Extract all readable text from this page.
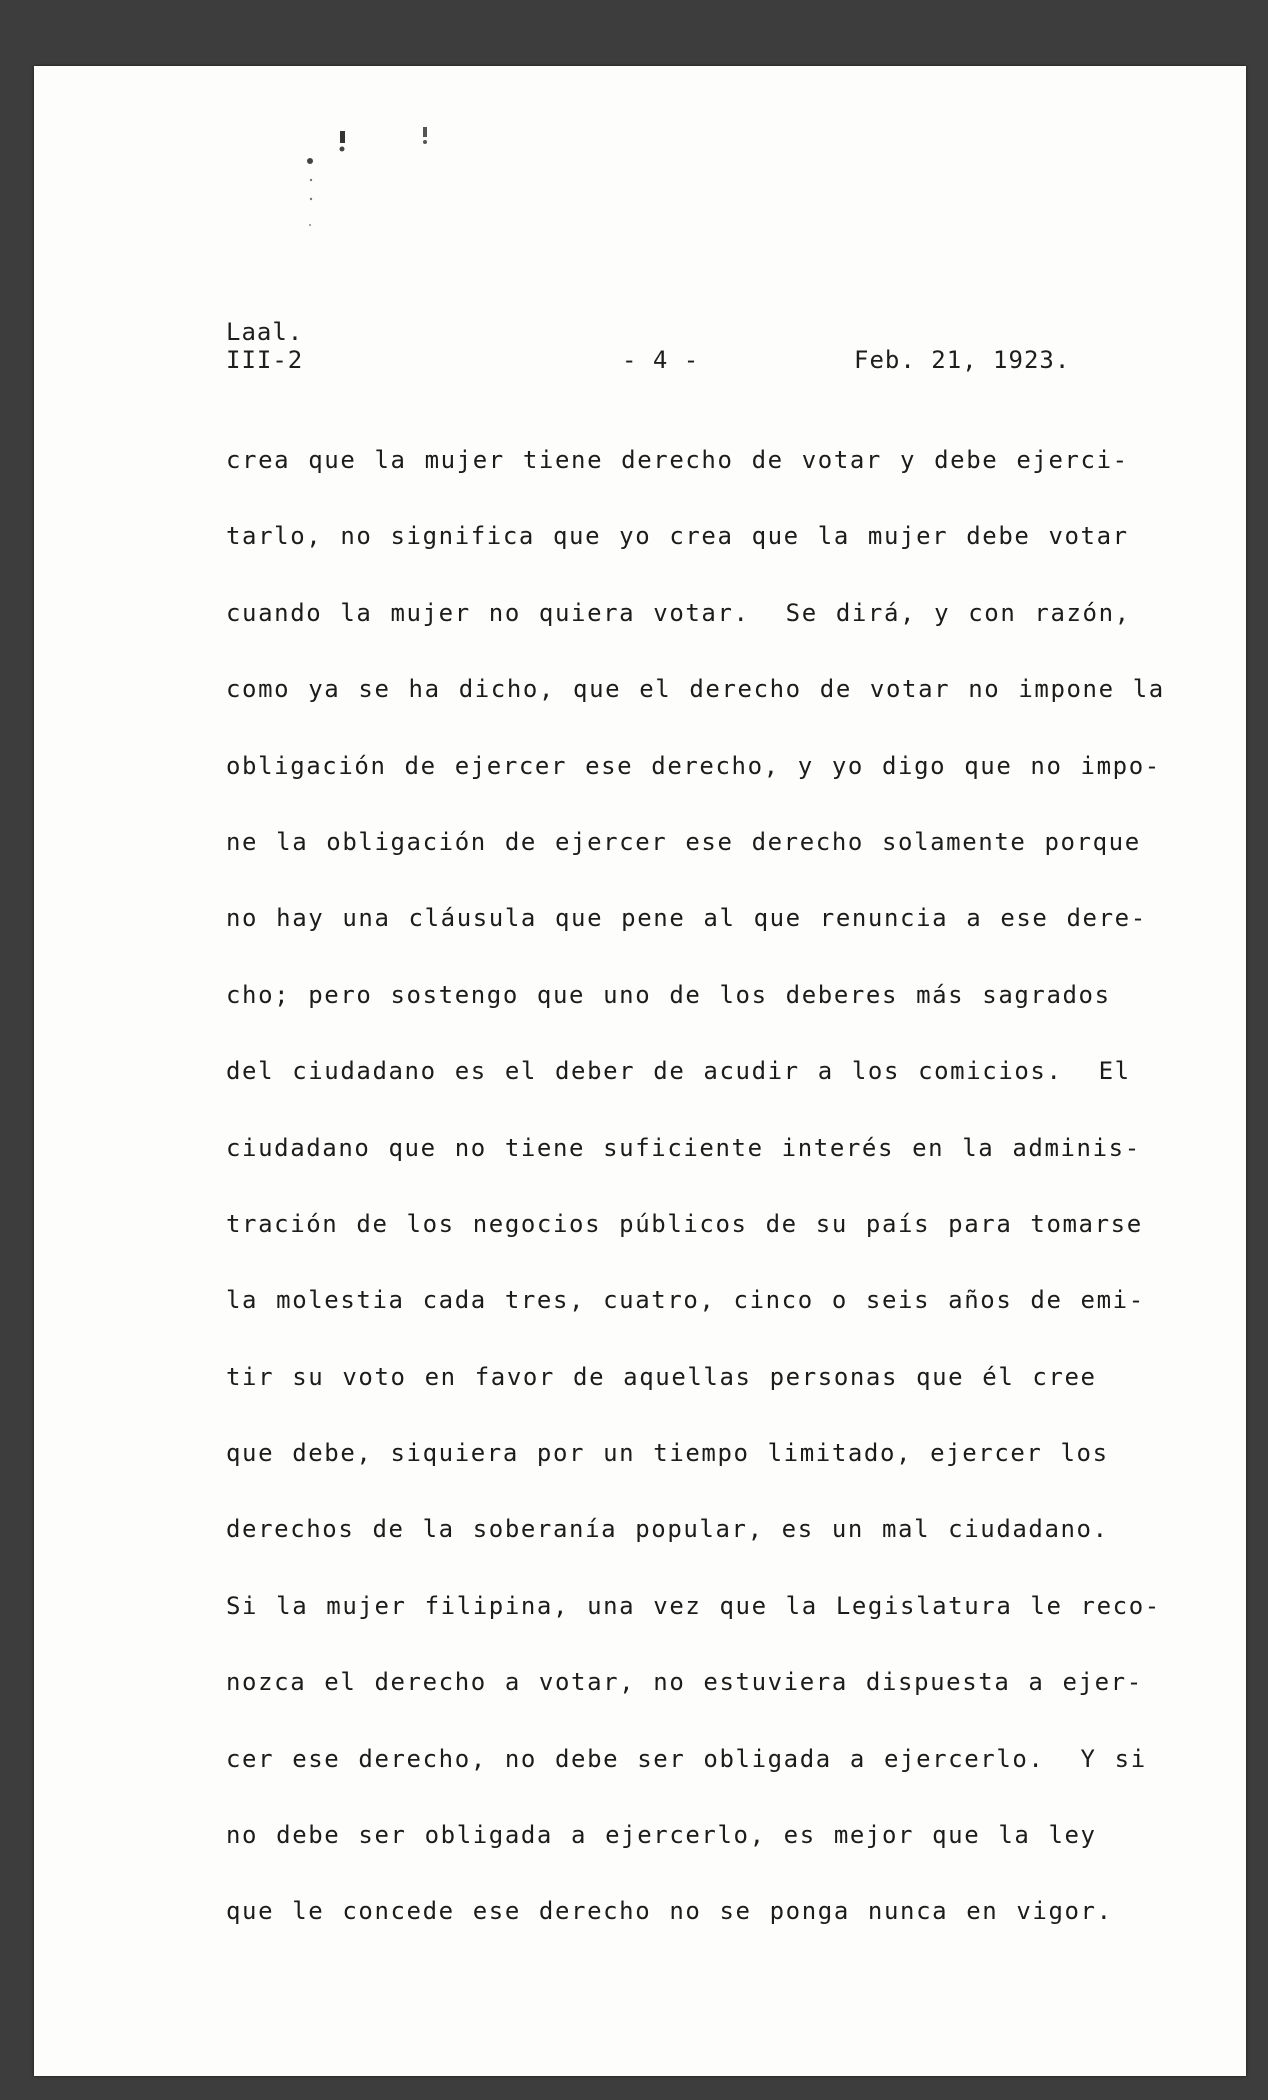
Laal.
III-2	- 4 -	Feb. 21, 1923.
crea que la mujer tiene derecho de votar y debe ejerci-
tarlo, no significa que yo crea que la mujer debe votar
cuando la mujer no quiera votar.  Se dirá, y con razón,
como ya se ha dicho, que el derecho de votar no impone la
obligación de ejercer ese derecho, y yo digo que no impo-
ne la obligación de ejercer ese derecho solamente porque
no hay una cláusula que pene al que renuncia a ese dere-
cho; pero sostengo que uno de los deberes más sagrados
del ciudadano es el deber de acudir a los comicios.  El
ciudadano que no tiene suficiente interés en la adminis-
tración de los negocios públicos de su país para tomarse
la molestia cada tres, cuatro, cinco o seis años de emi-
tir su voto en favor de aquellas personas que él cree
que debe, siquiera por un tiempo limitado, ejercer los
derechos de la soberanía popular, es un mal ciudadano.
Si la mujer filipina, una vez que la Legislatura le reco-
nozca el derecho a votar, no estuviera dispuesta a ejer-
cer ese derecho, no debe ser obligada a ejercerlo.  Y si
no debe ser obligada a ejercerlo, es mejor que la ley
que le concede ese derecho no se ponga nunca en vigor.
